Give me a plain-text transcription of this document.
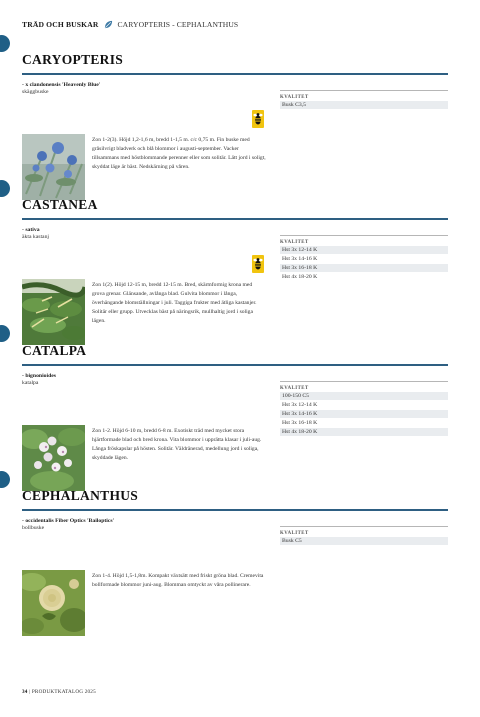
TRÄD OCH BUSKAR	CARYOPTERIS - CEPHALANTHUS
CARYOPTERIS
- x clandonensis 'Heavenly Blue'
skäggbuske

Zon 1-2(3). Höjd 1,2-1,6 m, bredd 1-1,5 m. c/c 0,75 m. Fin buske med gråsilvrigt bladverk och blå blommor i augusti-september. Vacker tillsammans med höstblommande perenner eller som solitär. Lätt jord i soligt, skyddat läge är bäst. Nedskärning på våren.

KVALITET
Busk C3,5
CASTANEA
- sativa
äkta kastanj

Zon 1(2). Höjd 12-15 m, bredd 12-15 m. Bred, skärmformig krona med grova grenar. Glänsande, avlånga blad. Gulvita blommor i långa, överhängande blomställningar i juli. Taggiga frukter med ätliga kastanjer. Solitär eller grupp. Utvecklas bäst på näringsrik, mullhaltig jord i soliga lägen.

KVALITET
Hst 3x 12-14 K
Hst 3x 14-16 K
Hst 3x 16-18 K
Hst 4x 18-20 K
CATALPA
- bignonioides
katalpa

Zon 1-2. Höjd 6-10 m, bredd 6-8 m. Exotiskt träd med mycket stora hjärtformade blad och bred krona. Vita blommor i upprätta klasar i juli-aug. Långa fröskapslar på hösten. Solitär. Väldränerad, medellung jord i soliga, skyddade lägen.

KVALITET
100-150 C5
Hst 3x 12-14 K
Hst 3x 14-16 K
Hst 3x 16-18 K
Hst 4x 18-20 K
CEPHALANTHUS
- occidentalis Fiber Optics 'Bailoptics'
bollbuske

Zon 1-4. Höjd 1,5-1,8m. Kompakt växtsätt med friskt gröna blad. Cremevita bollformade blommor juni-aug. Blomman omtyckt av våra pollinerare.

KVALITET
Busk C5
34 | PRODUKTKATALOG 2025
